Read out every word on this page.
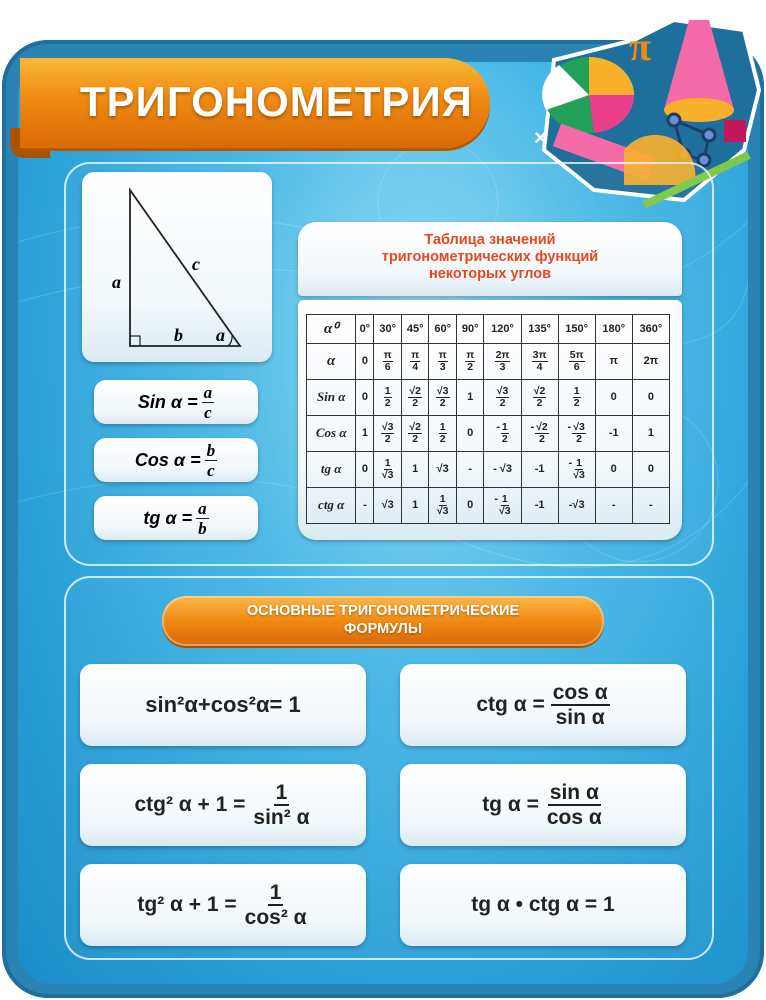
π
×
ТРИГОНОМЕТРИЯ
a
c
b a
Sin $\alpha = \frac{a}{c}$
Cos $\alpha = \frac{b}{c}$
tg $\alpha = \frac{a}{b}$
Таблица значений
тригонометрических функций
некоторых углов
α⁰	0°	30°	45°	60°	90°	120°	135°	150°	180°	360°
α	0	$\frac{\pi}{6}$	$\frac{\pi}{4}$	$\frac{\pi}{3}$	$\frac{\pi}{2}$	$\frac{2\pi}{3}$	$\frac{3\pi}{4}$	$\frac{5\pi}{6}$	π	2π
Sin α	0	$\frac{1}{2}$	$\frac{√2}{2}$	$\frac{√3}{2}$	1	$\frac{√3}{2}$	$\frac{√2}{2}$	$\frac{1}{2}$	0	0
Cos α	1	$\frac{√3}{2}$	$\frac{√2}{2}$	$\frac{1}{2}$	0	- $\frac{1}{2}$	- $\frac{√2}{2}$	- $\frac{√3}{2}$	-1	1
tg α	0	$\frac{1}{√3}$	1	√3	-	- √3	-1	- $\frac{1}{√3}$	0	0
ctg α	-	√3	1	$\frac{1}{√3}$	0	- $\frac{1}{√3}$	-1	-√3	-	-
ОСНОВНЫЕ ТРИГОНОМЕТРИЧЕСКИЕ
ФОРМУЛЫ
sin²α+cos²α= 1	ctg $\alpha = \frac{\text{cos α}}{\text{sin α}}$
ctg² $\alpha + 1 = \frac{1}{\text{sin² α}}$	tg $\alpha = \frac{\text{sin α}}{\text{cos α}}$
tg² $\alpha + 1 = \frac{1}{\text{cos² α}}$	tg α • ctg α = 1
